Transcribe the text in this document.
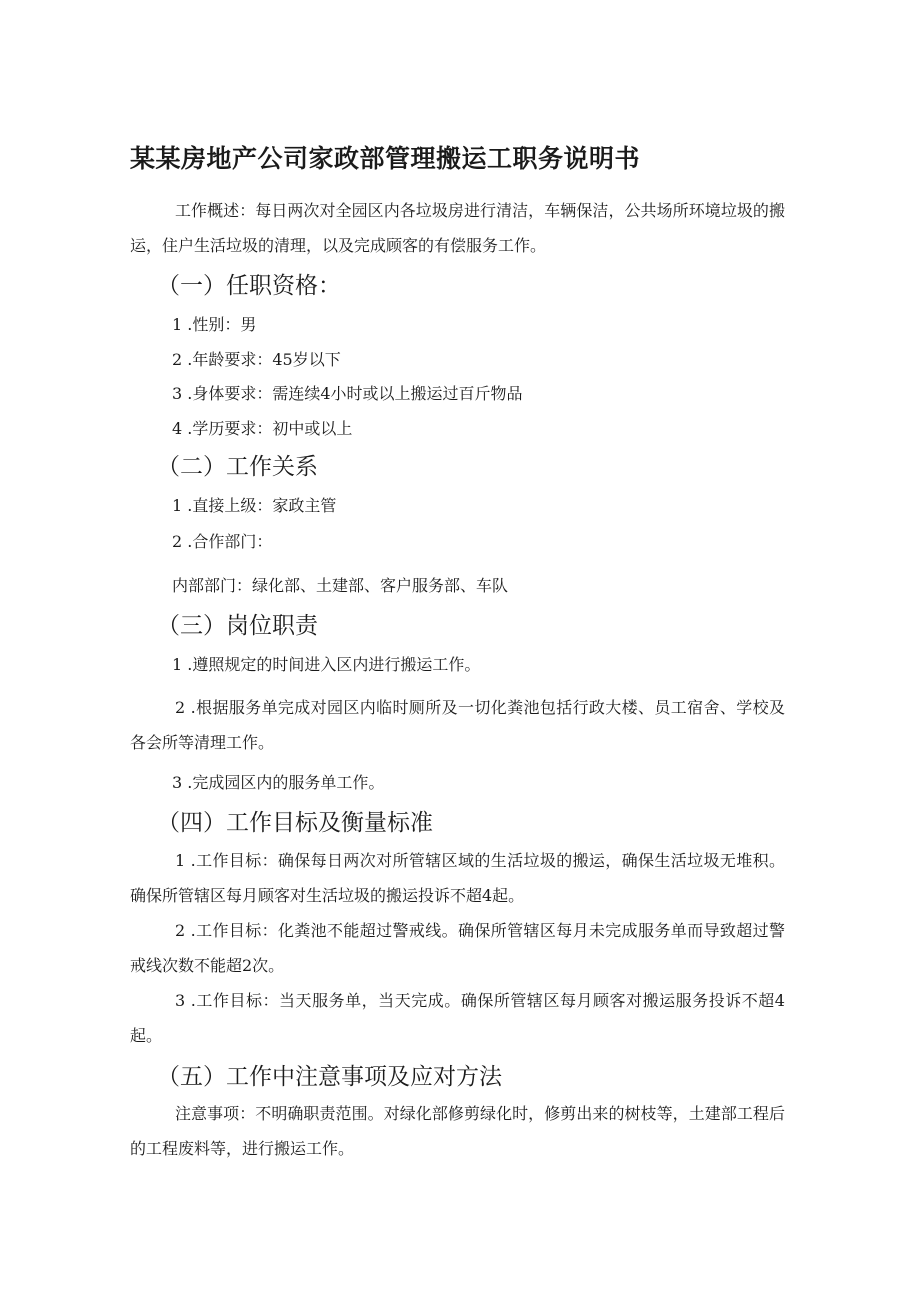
某某房地产公司家政部管理搬运工职务说明书
工作概述：每日两次对全园区内各垃圾房进行清洁，车辆保洁，公共场所环境垃圾的搬运，住户生活垃圾的清理，以及完成顾客的有偿服务工作。
（一）任职资格：
1 .性别：男
2 .年龄要求：45岁以下
3 .身体要求：需连续4小时或以上搬运过百斤物品
4 .学历要求：初中或以上
（二）工作关系
1 .直接上级：家政主管
2 .合作部门：
内部部门：绿化部、土建部、客户服务部、车队
（三）岗位职责
1 .遵照规定的时间进入区内进行搬运工作。
2 .根据服务单完成对园区内临时厕所及一切化粪池包括行政大楼、员工宿舍、学校及各会所等清理工作。
3 .完成园区内的服务单工作。
（四）工作目标及衡量标准
1 .工作目标：确保每日两次对所管辖区域的生活垃圾的搬运，确保生活垃圾无堆积。确保所管辖区每月顾客对生活垃圾的搬运投诉不超4起。
2 .工作目标：化粪池不能超过警戒线。确保所管辖区每月未完成服务单而导致超过警戒线次数不能超2次。
3 .工作目标：当天服务单，当天完成。确保所管辖区每月顾客对搬运服务投诉不超4起。
（五）工作中注意事项及应对方法
注意事项：不明确职责范围。对绿化部修剪绿化时，修剪出来的树枝等，土建部工程后的工程废料等，进行搬运工作。
